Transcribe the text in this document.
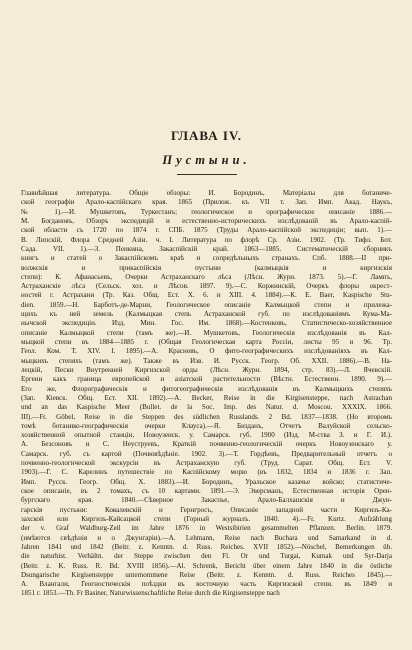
ГЛАВА IV.
Пустыни.

Главнѣйшая литература. Общiе обзоры: И. Бородинъ, Матерiалы для ботаниче-
ской географiи Арало-каспiйскаго края. 1865 (Прилож. къ VII т. Зап. Имп. Акад. Наукъ,
№ 1).—И. Мушкетовъ, Туркестанъ; геологическое и орографическое описанiе 1886.—
М. Богдановъ, Обзоръ экспедицiй и естественно-историческихъ изслѣдованiй въ Арало-каспiй-
ской области съ 1720 по 1874 г. СПБ. 1875 (Труды Арало-каспiйской экспедицiи; вып. 1).—
В. Липскiй, Флора Средней Азiи. ч. I. Литература по флорѣ Ср. Азiи. 1902. (Тр. Тифл. Бот.
Сада. VII. 1).—З. Пенкина, Закаспiйскiй край. 1863—1885. Систематическiй сборникъ
книгъ и статей о Закаспiйскомъ краѣ и сопредѣльныхъ странахъ. Спб. 1888.—II при-
волжскiя и прикаспiйскiя пустыни (калмыцкiя и киргизскiя
степи): К. Афанасьевъ, Очерки Астраханскаго лѣса (Лѣсн. Журн. 1873. 5).—Г. Лампъ,
Астраханскiе лѣса (Сельск. хоз. и Лѣсов. 1897. 9).—С. Коржинскiй, Очеркъ флоры окрест-
ностей г. Астрахани (Тр. Каз. Общ. Ест. X. 6. и XIII. 4. 1884).—К. Е. Baer, Kaspische Stu-
dien. 1859.—Н. Барботъ-де-Марни, Геологическое описанiе Калмыцкой степи и прилежа-
щихъ къ ней земель (Калмыцкая степь Астраханской губ. по изслѣдованiямъ Кума-Ма-
нычской экспедицiи. Изд. Мин. Гос. Им. 1868).—Костенковъ, Статистическо-хозяйственное
описанiе Калмыцкой степи (тамъ же).—И. Мушкетовъ, Геологическiя изслѣдованiя въ Кал-
мыцкой степи въ 1884—1885 г. (Общая Геологическая карта Россiи, листы 95 и 96. Тр.
Геол. Ком. Т. XIV. I. 1895).—А. Красновъ, О фито-географическихъ изслѣдованiяхъ въ Кал-
мыцкихъ степяхъ (тамъ же). Также въ Изв. И. Русск. Геогр. Об. XXII. 1886).—В. На-
лецкiй, Пески Внутренней Киргизской орды (Лѣсн. Журн. 1894, стр. 83).—Л. Ячевскiй.
Ергени какъ граница европейской и азiатской растительности (Вѣстн. Естественн. 1890. 9).—
Его же, Флорографическiя и фитогеографическiя изслѣдованiя въ Калмыцкихъ степяхъ
(Зап. Кiевск. Общ. Ест. XII. 1892).—А. Becker, Reise in die Kirgisensteppe, nach Astrachan
und an das Kaspische Meer (Bullet. de la Soc. Imp. des Natur. d. Moscou. XXXIX. 1866.
III).—Fr. Göbel, Reise in die Steppen des südlichen Russlands. 2 Bd. 1837—1838. (Но второмъ
томѣ ботанико-географическiя очерки Клауса).—Я. Бизданъ, Отчетъ Валуйской сельско-
хозяйственной опытной станцiи, Новоузенск. у. Самарск. губ. 1900 (Изд. М-ства З. и Г. И.).
А. Безсоновъ и С. Неуструевъ, Краткiй почвенно-геологическiй очеркъ Новоузенскаго у.
Самарск. губ. съ картой (Почвовѣдѣнiе. 1902. 3).—Т. Гордѣевъ, Предварительный отчетъ о
почвенно-геологической экскурсiи въ Астраханскую губ. (Труд. Сарат. Общ. Ест. V.
1903).—Г. С. Карелинъ путешествiе по Каспiйскому морю (въ 1832, 1834 и 1836 г. Зап.
Имп. Русск. Геогр. Общ. X. 1883).—И. Бородинъ, Уральское казачье войско; статистиче-
ское описанiе, въ 2 томахъ, съ 10 картами. 1891.—Э. Эверсманъ, Естественная исторiя Орен-
бургскаго края. 1840.—Сѣверное Закаспье, Арало-Балхашскiя и Джун-
гарскiя пустыни: Ковалевскiй и Гернгросъ, Описанiе западной части Киргизъ-Ка-
захской или Киргизъ-Кайсацкой степи (Горный журналъ. 1840. 4).—Fr. Kurtz. Aufzählung
der v. Graf Waldburg-Zeil im Jahre 1876 in Westsibirien gesammelten Pflanzen. Berlin. 1879.
(имѣются свѣдѣнiя и о Джунгарiи).—А. Lehmann, Reise nach Buchara und Samarkand in d.
Jahren 1841 und 1842 (Beitr. z. Kenntn. d. Russ. Reiches. XVII 1852).—Nöschel, Bemerkungen üb.
die naturhist. Verhältn. der Steppe zwischen den Fl. Or und Turgai, Kumak und Syr-Darja
(Beitr. z. K. Russ. R. Bd. XVIII 1856).—Al. Schrenk, Bericht über einem Jahre 1840 in die östliche
Dsungarische Kirgisensteppe unternommene Reise (Beitr. z. Kenntn. d. Russ. Reiches 1845).—
А. Влангали, Геогностическiя поѣздки въ восточную часть Киргизской степи. въ 1849 и
1851 г. 1853.—Th. Fr Basiner, Naturwissenschaftliche Reise durch die Kirgisensteppe nach
